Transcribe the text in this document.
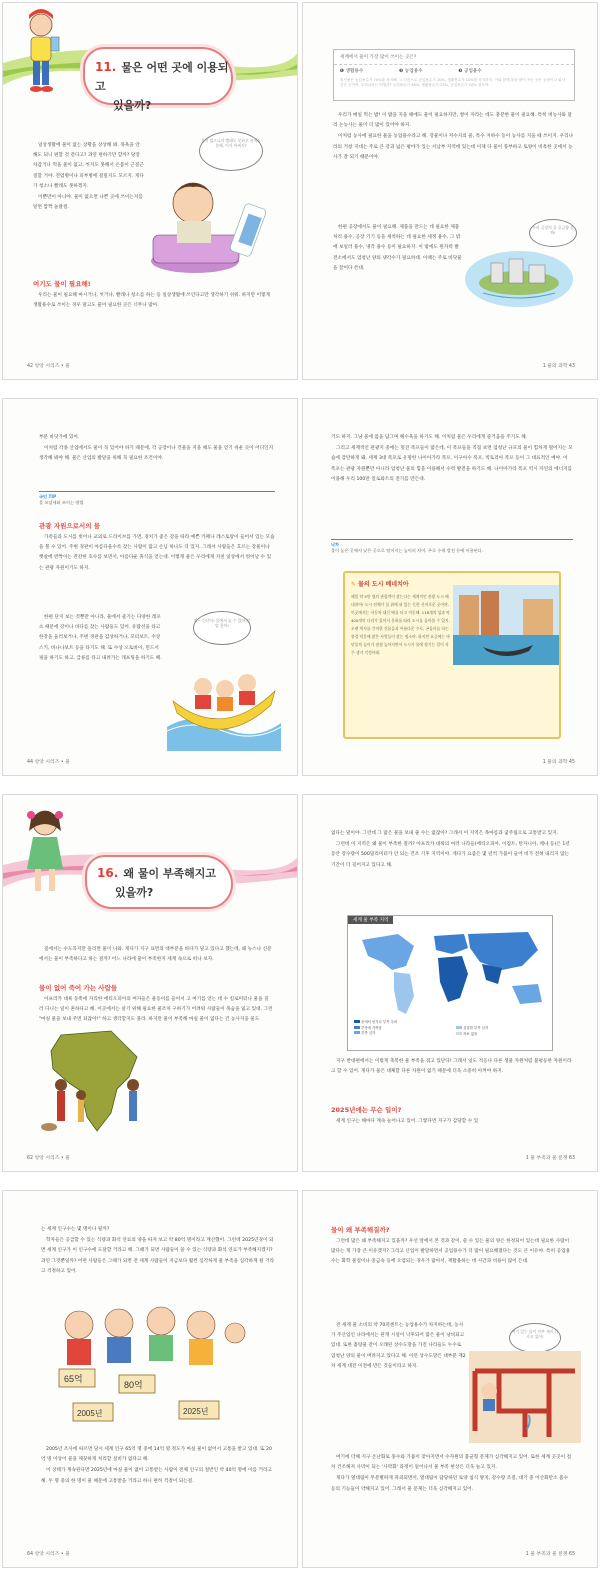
11. 물은 어떤 곳에 이용되고
있을까?

일상생활에 물이 없는 상황을 상상해 봐. 목욕을 안 해도 되니 편할 것 같다고? 과연 편하기만 할까? 당장 차갑거나 먹을 물이 없고, 씻지도 못해서 온몸이 근질근질할 거야. 전염병이나 피부병에 걸릴지도 모르지. 게다가 청소나 빨래도 못하겠지.

이뿐만이 아니야. 물이 없으면 나쁜 곳에 쓰이는지를 알면 깜짝 놀랄걸.

물이 없으니까 빨래도 못하고 씻지도 못해. 이거 어쩌지?
여기도 물이 필요해!

우리는 물이 필요해 마시거나, 씻거나, 빨래나 청소를 하는 등 일상생활에 쓰인다고만 생각하기 쉬워. 하지만 이렇게 생활용수로 쓰이는 경우 말고도 물이 필요한 곳은 너무나 많아.

42 앙앙 시리즈 • 물
세계에서 물이 가장 많이 쓰이는 곳은?
❶ 생활용수	❷ 농업용수	❸ 공업용수
물사용은 농업용수가 70%를 차지해. 그 다음으로 공업용수가 20%, 생활용수가 10%를 차지하지. 이와 함께 물을 많이 쓰는 곳은 공장이나 회사 같은 곳이야. 우리나라는 어떨까? 농업용수가 48%, 생활용수가 23%, 공업용수가 10% 정도야.

우리가 매일 먹는 밥! 이 밥을 지을 때에도 물이 필요하지만, 쌀이 자라는 데도 충분한 물이 필요해. 특히 벼농사와 달리 논농사는 물이 더 많이 있어야 하지.

이처럼 농사에 필요한 물을 농업용수라고 해. 강물이나 저수지의 물, 특수 지하수 등이 농사를 지을 때 쓰이지. 우리나라의 거창 지대는 주로 큰 강과 넓은 평야가 있는 서남부 지역에 있는데 이제 다 물이 풍부하고 토양이 비옥한 곳에서 농사가 잘 되기 때문이야.

한편 공장에서도 물이 필요해. 제품을 만드는 데 필요한 제품 처리 용수, 공장 기기 등을 세척하는 데 필요한 세정 용수, 그 밖에 보일러 용수, 냉각 용수 등이 필요하지. 이 밖에도 원자력 발전소에서도 엄청난 양의 냉각수가 필요하대. 이때는 주로 바닷물을 끌어다 쓴대.

우리 공장의 물 공급량 좀 봐!
1 물의 과학 43

부분 바닷가에 있어.

이처럼 각종 산업에서도 물이 꼭 있어야 하기 때문에, 각 공장이나 건물을 지을 때도 물을 얻기 쉬운 곳이 어디인지 생각해 봐야 해. 물은 산업의 발달을 위해 꼭 필요한 조건이야.

국민 TIP
물 쓰임새와 쓰이는 방법
관광 자원으로서의 물

가족들과 도시를 벗어나 교외로 드라이브를 가면, 경치가 좋은 강을 따라 예쁜 카페나 레스토랑이 들어서 있는 모습을 볼 수 있어. 주변 경관이 아름다울수록 찾는 사람이 많고 손님 하나도 더 있지. 그래서 사람들은 흐르는 강물이나 햇살에 반짝이는 잔잔한 호수를 보면서, 아름다운 휴식을 얻는대. 이렇게 물은 우리에게 지친 일상에서 벗어날 수 있는 관광 자원이기도 하지.

한편 단지 보는 것뿐만 아니라, 물에서 즐기는 다양한 레포츠 때문에 강이나 바다를 찾는 사람들도 있어. 유람선을 타고 한강을 둘러보거나, 주변 경관을 감상하거나, 모터보트, 수상 스키, 바나나보트 등을 타기도 해. 또 수상 오토바이, 윈드서핑을 하기도 하고, 급류를 타고 내려가는 래프팅을 하기도 해.

와~ 신난다! 물에서 놀 수 있어 정말 좋아!
44 앙앙 시리즈 • 물

기도 하지. 그냥 물에 몸을 담그며 해수욕을 하기도 해. 이처럼 물은 우리에게 즐거움을 주기도 해.

그리고 세계적인 관광지 중에는 멋진 폭포들이 많은데, 이 폭포들을 직접 보면 엄청난 규모의 물이 힘차게 떨어지는 모습에 감탄하게 돼. 세계 3대 폭포로 유명한 나이아가라 폭포, 이구아수 폭포, 빅토리아 폭포 등이 그 대표적인 예야. 이 폭포는 관광 자원뿐만 아니라 엄청난 물의 힘을 이용해서 수력 발전을 하기도 해. 나이아가라 폭포 역시 자연의 에너지를 이용해 우리 100만 킬로와트의 전기를 만든대.

낙차
물이 높은 곳에서 낮은 곳으로 떨어지는 높이의 차이. 주로 수력 발전 등에 이용된다.
✎ 물의 도시 베네치아
해일 약 5만 명의 관광객이 찾는다는 세계적인 관광 도시 베네치아! 도시 전체가 물 위에 떠 있는 듯한 신비로운 곳이야. 이곳에서는 자동차 대신 배를 타고 이동해. 118개의 섬과 약 400개의 다리가 있어서 운하를 따라 도시를 돌아볼 수 있지. 오랜 역사를 간직한 건물들과 아름다운 수로, 곤돌라를 타는 풍경 덕분에 많은 사람들이 찾는 명소야. 하지만 요즘에는 바닷물의 높이가 점점 높아지면서 도시가 물에 잠기는 일이 자주 생겨 걱정이래.
1 물의 과학 45
16. 왜 물이 부족해지고
있을까?

질에서는 수도꼭지만 돌리면 물이 나와. 게다가 지구 표면의 대부분을 바다가 덮고 있다고 했는데, 왜 뉴스나 신문에서는 물이 부족하다고 하는 걸까? 어느 나라에 물이 부족한지 세계 속으로 떠나 보자.

물이 없어 죽어 가는 사람들

아프리카 대륙 동쪽에 자리한 에티오피아의 여자들은 물동이를 들어서 고 여기를 얻는 데 수 킬로미터나 물을 길러 다니는 일이 흔하다고 해. 이곳에서는 살기 위해 필요한 물조차 구하기가 어려워 사람들이 목숨을 잃고 있대. 그런 "마실 물을 보내 주면 되잖아!" 하고 생각할지도 몰라. 하지만 물이 부족해 마실 물이 없다는 건 농사지을 물도

62 앙앙 시리즈 • 물

없다는 말이야. 그런데 그 많은 물을 보내 줄 수는 없잖아? 그래서 이 지역은 목마름과 굶주림으로 고통받고 있지.

그런데 이 지역은 왜 물이 부족한 걸까? 아프리카 대륙의 여러 나라들(에티오피아, 이집트, 탄자니아, 케냐 등)은 1년 동안 강수량이 500밀리미터가 안 되는 건조 기후 지역이야. 게다가 요즘은 몇 년씩 가뭄이 들어 비가 전혀 내리지 않는 기간이 더 길어지고 있다고 해.

세계 물 부족 지역
몬에서 얻거나 부족 우려
부족에 가까움
부족 심각
심질한 부족 심각
자료 없음

지구 반대편에서는 이렇게 축복한 물 부족을 겪고 있단다! 그래서 일도 적응나 다른 생물 자원처럼 불평등한 자원이라고 할 수 있어. 게다가 물은 대체할 다른 자원이 없기 때문에 더욱 소중히 아껴야 하지.

2025년에는 무슨 일이?

세계 인구는 해마다 계속 늘어나고 있어. 그렇다면 지구가 감당할 수 있

1 물 부족과 물 분쟁 63

는 세계 인구수는 몇 명이나 될까?

학자들은 공급할 수 있는 식량과 화석 연료의 양을 따져 보고 약 80억 명이라고 계산했어. 그런데 2025년경이 되면 세계 인구가 이 인구수에 도달할 거라고 해. 그때가 되면 사람들이 쓸 수 있는 식량과 화석 연료가 부족해지겠지? 과연 그것뿐일까? 어떤 사람들은 그때가 되면 전 세계 사람들이 지금보다 훨씬 심각하게 물 부족을 심각하게 될 거라고 걱정하고 있어.

65억
80억
2005년	2025년

2005년 조사에 따르면 당시 세계 인구 65억 명 중에 14억 명 정도가 마실 물이 없어서 고통을 받고 있대. 또 20억 명 이상이 물을 깨끗하게 처리할 설비가 없다고 해.

이 상태가 계속된다면 2025년에 마실 물이 없어 고통받는 사람이 전체 인구의 절반인 약 40억 명에 이를 거라고 해. 두 명 중의 한 명이 물 때문에 고통받을 거라고 하니 편히 걱정이 되는걸.

64 앙앙 시리즈 • 물
물이 왜 부족해질까?

그런데 많은 왜 부족해지고 있을까? 우선 앞에서 본 것과 같이, 쓸 수 있는 물의 양은 한정되어 있는데 필요한 사람이 많다는 게 가장 큰 이유겠지? 그리고 산업이 발달하면서 공업용수가 더 많이 필요해졌다는 것도 큰 이유야. 특히 공업용수는 화학 물질이나 중금속 등에 오염되는 경우가 많아서, 재활용하는 데 시간과 비용이 많이 든대.

전 세계 물 소비의 약 70퍼센트는 농업용수가 차지하는데, 농사가 주산업인 나라에서는 관개 시설이 낙후되어 많은 물이 낭비되고 있대. 또한 흙탕물 같이 오래된 상수도망을 가진 나라들도 누수로 엄청난 양의 물이 버려지고 있다고 해. 이런 상수도망은 대부분 재2차 세계 대전 이전에 만든 것들이라고 하지.

여기 있는 물이 전부 새어 나가고 있어!

여기에 더해 지구 온난화로 홍수와 가뭄이 잦아지면서 수자원의 불균형 문제가 심각해지고 있어. 또한 세계 곳곳이 점차 건조해져 사막이 되는 '사막화' 과정이 일어나서 물 부족 현상은 더욱 늘고 있지.

게다가 열대림이 무분별하게 파괴되면서, 열대림이 담당하던 토양 침식 방지, 강수량 조절, 대기 중 이산화탄소 흡수 등의 기능들이 약해지고 있어. 그래서 물 문제는 더욱 심각해지고 있어.

1 물 부족과 물 분쟁 65
